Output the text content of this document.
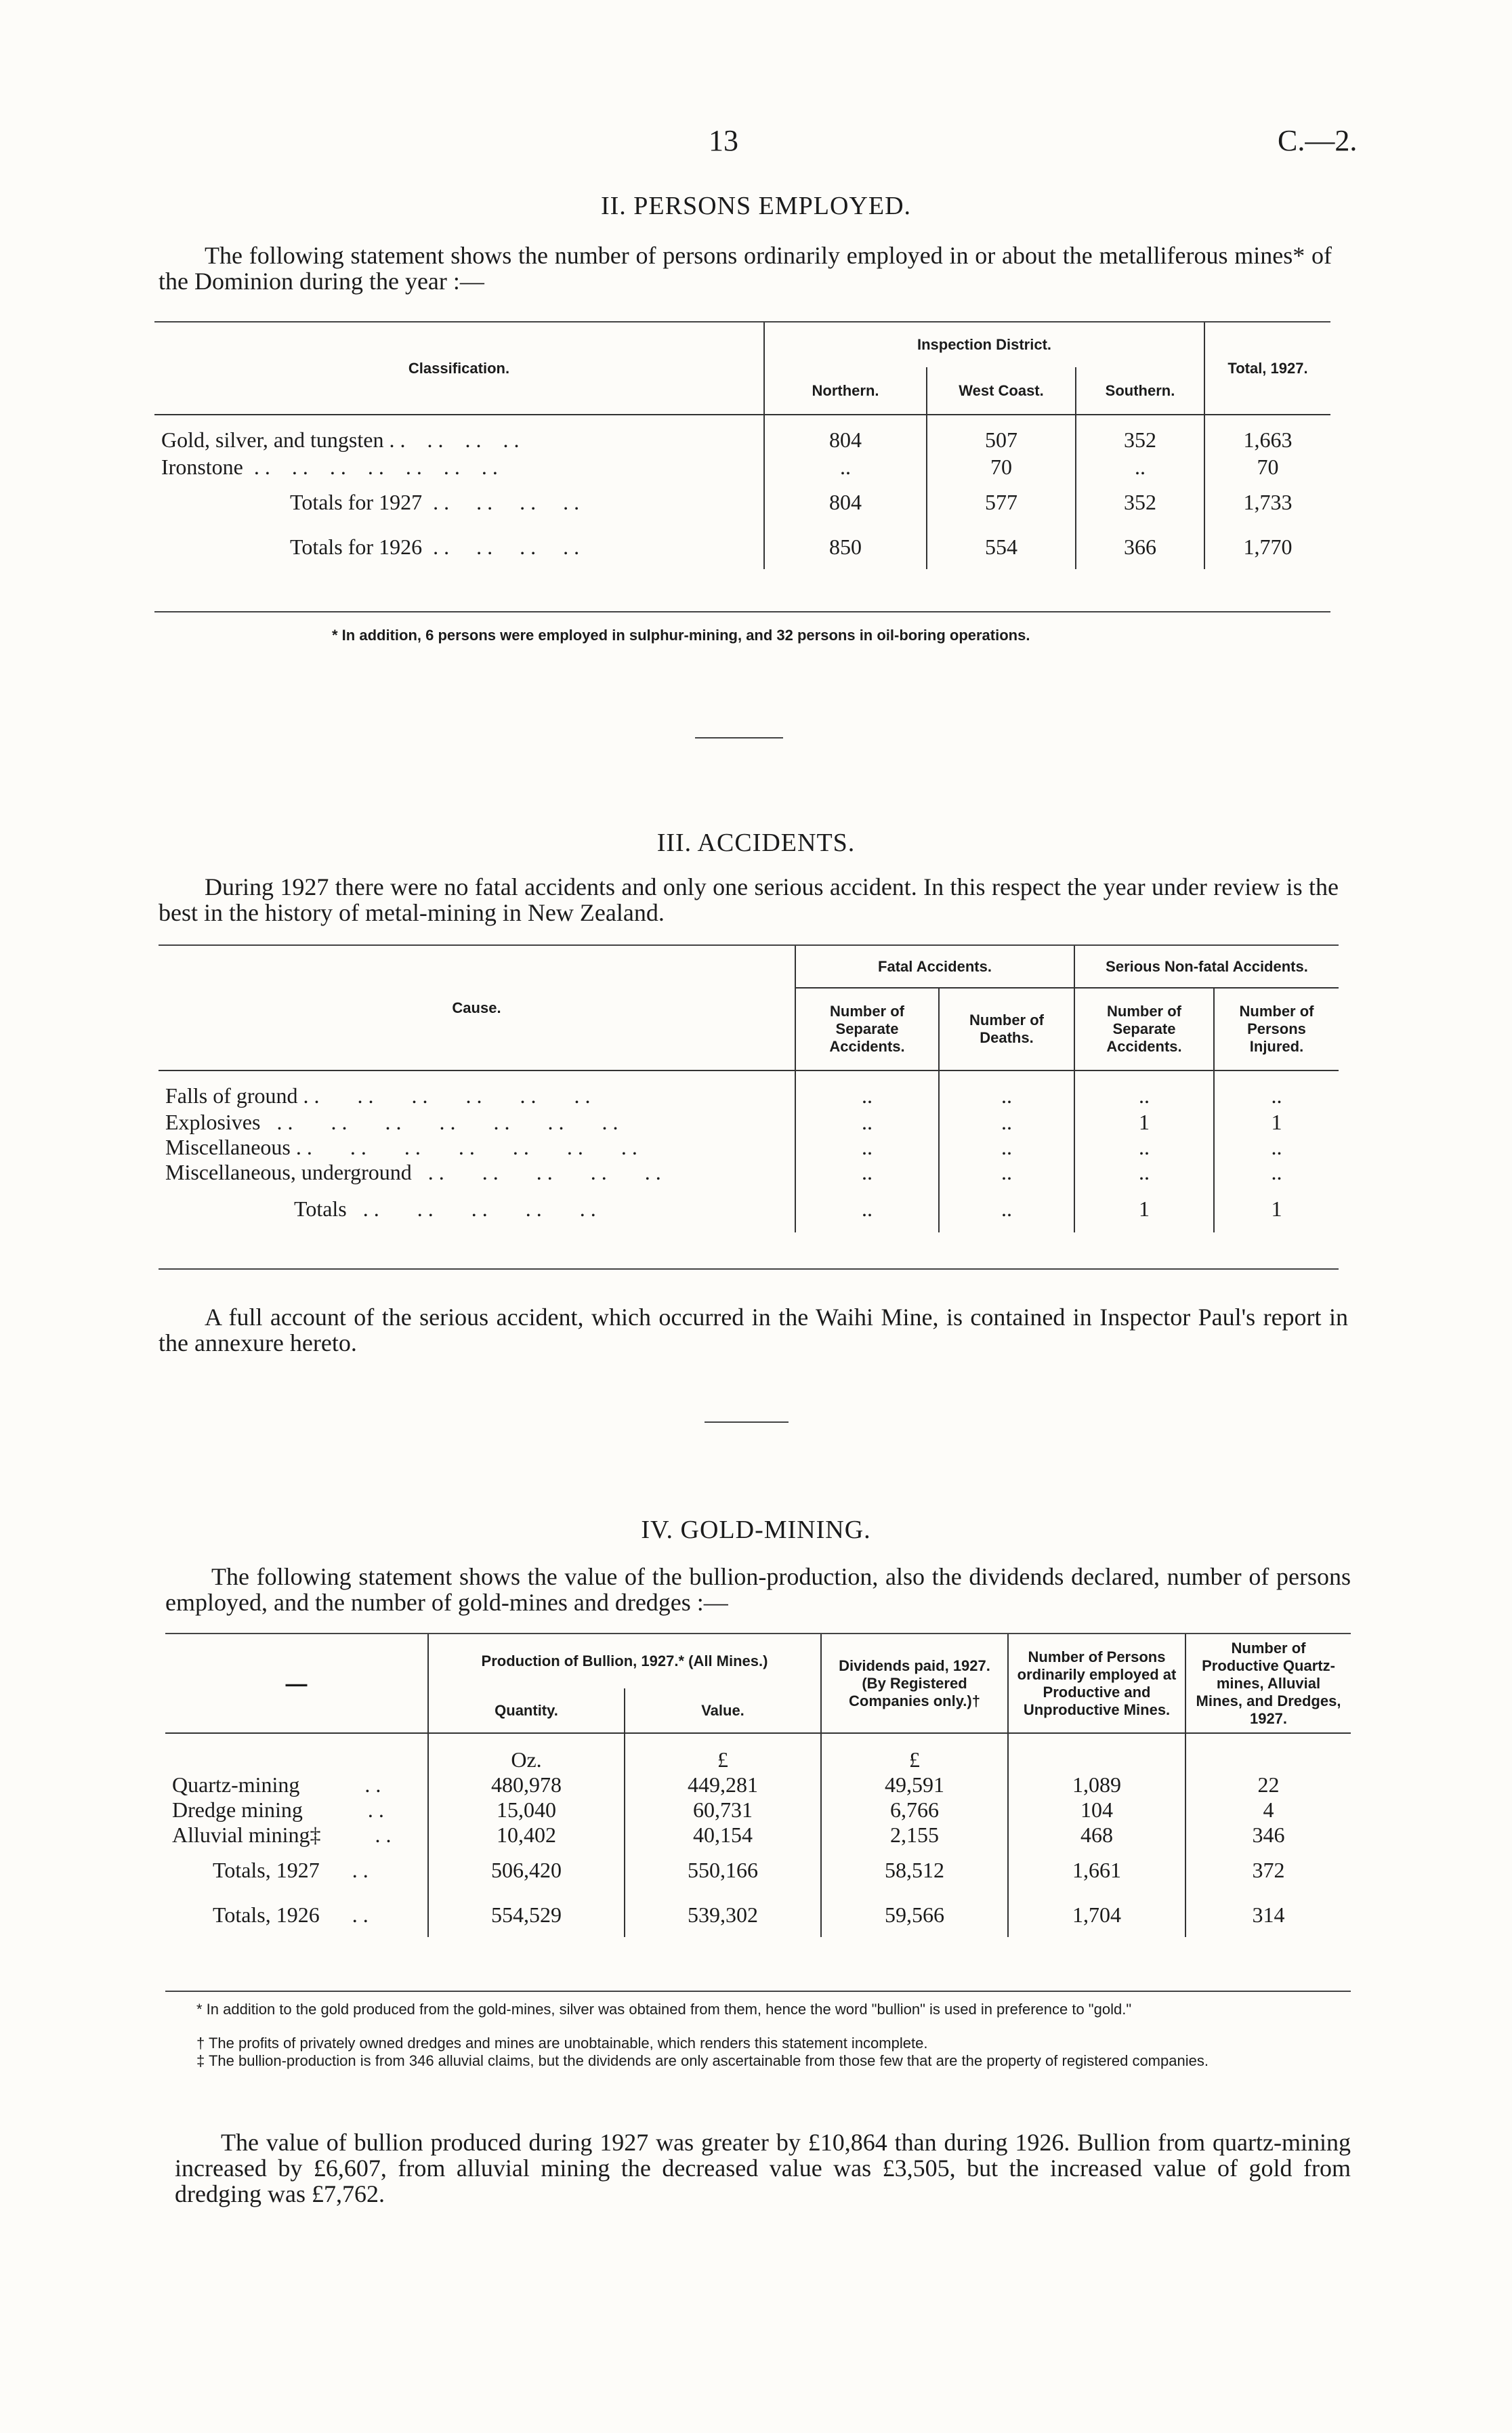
13	C.—2.
II. PERSONS EMPLOYED.

The following statement shows the number of persons ordinarily employed in or about the metalliferous mines* of the Dominion during the year :—

Classification.	Inspection District.			Total, 1927.
	Northern.	West Coast.	Southern.	
Gold, silver, and tungsten . .    . .    . .    . .	804	507	352	1,663
Ironstone  . .    . .    . .    . .    . .    . .    . .	..	70	..	70
Totals for 1927  . .     . .     . .     . .	804	577	352	1,733
Totals for 1926  . .     . .     . .     . .	850	554	366	1,770

* In addition, 6 persons were employed in sulphur-mining, and 32 persons in oil-boring operations.

III. ACCIDENTS.

During 1927 there were no fatal accidents and only one serious accident. In this respect the year under review is the best in the history of metal-mining in New Zealand.

Cause.	Fatal Accidents.		Serious Non-fatal Accidents.	
	Number of Separate Accidents.	Number of Deaths.	Number of Separate Accidents.	Number of Persons Injured.
Falls of ground . .       . .       . .       . .       . .       . .	..	..	..	..
Explosives   . .       . .       . .       . .       . .       . .       . .	..	..	1	1
Miscellaneous . .       . .       . .       . .       . .       . .       . .	..	..	..	..
Miscellaneous, underground   . .       . .       . .       . .       . .	..	..	..	..
Totals   . .       . .       . .       . .       . .	..	..	1	1

A full account of the serious accident, which occurred in the Waihi Mine, is contained in Inspector Paul's report in the annexure hereto.

IV. GOLD-MINING.

The following statement shows the value of the bullion-production, also the dividends declared, number of persons employed, and the number of gold-mines and dredges :—

—	Production of Bullion, 1927.* (All Mines.)		Dividends paid, 1927. (By Registered Companies only.)†	Number of Persons ordinarily employed at Productive and Unproductive Mines.	Number of Productive Quartz-mines, Alluvial Mines, and Dredges, 1927.
	Quantity.	Value.			
	Oz.	£	£		
Quartz-mining            . .	480,978	449,281	49,591	1,089	22
Dredge mining            . .	15,040	60,731	6,766	104	4
Alluvial mining‡          . .	10,402	40,154	2,155	468	346
Totals, 1927      . .	506,420	550,166	58,512	1,661	372
Totals, 1926      . .	554,529	539,302	59,566	1,704	314

* In addition to the gold produced from the gold-mines, silver was obtained from them, hence the word "bullion" is used in preference to "gold."

† The profits of privately owned dredges and mines are unobtainable, which renders this statement incomplete.

‡ The bullion-production is from 346 alluvial claims, but the dividends are only ascertainable from those few that are the property of registered companies.

The value of bullion produced during 1927 was greater by £10,864 than during 1926. Bullion from quartz-mining increased by £6,607, from alluvial mining the decreased value was £3,505, but the increased value of gold from dredging was £7,762.
